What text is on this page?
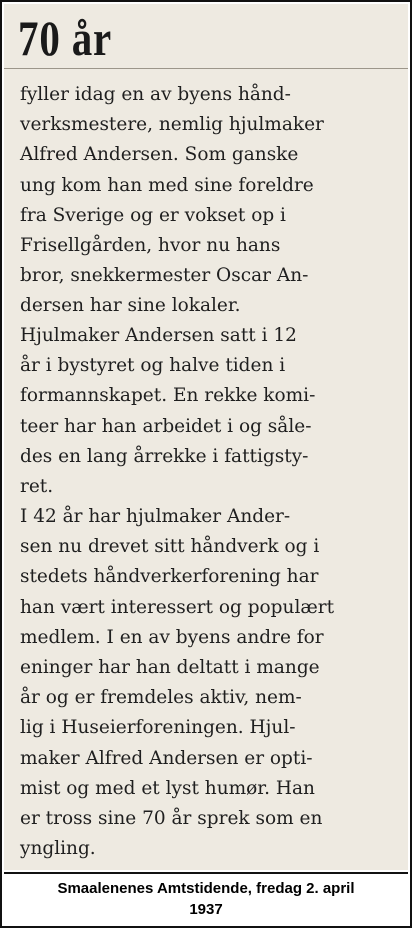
70 år

fyller idag en av byens hånd-
verksmestere, nemlig hjulmaker
Alfred Andersen. Som ganske
ung kom han med sine foreldre
fra Sverige og er vokset op i
Frisellgården, hvor nu hans
bror, snekkermester Oscar An-
dersen har sine lokaler.

Hjulmaker Andersen satt i 12
år i bystyret og halve tiden i
formannskapet. En rekke komi-
teer har han arbeidet i og såle-
des en lang årrekke i fattigsty-
ret.

I 42 år har hjulmaker Ander-
sen nu drevet sitt håndverk og i
stedets håndverkerforening har
han vært interessert og populært
medlem. I en av byens andre for
eninger har han deltatt i mange
år og er fremdeles aktiv, nem-
lig i Huseierforeningen. Hjul-
maker Alfred Andersen er opti-
mist og med et lyst humør. Han
er tross sine 70 år sprek som en
yngling.

Smaalenenes Amtstidende, fredag 2. april
1937
